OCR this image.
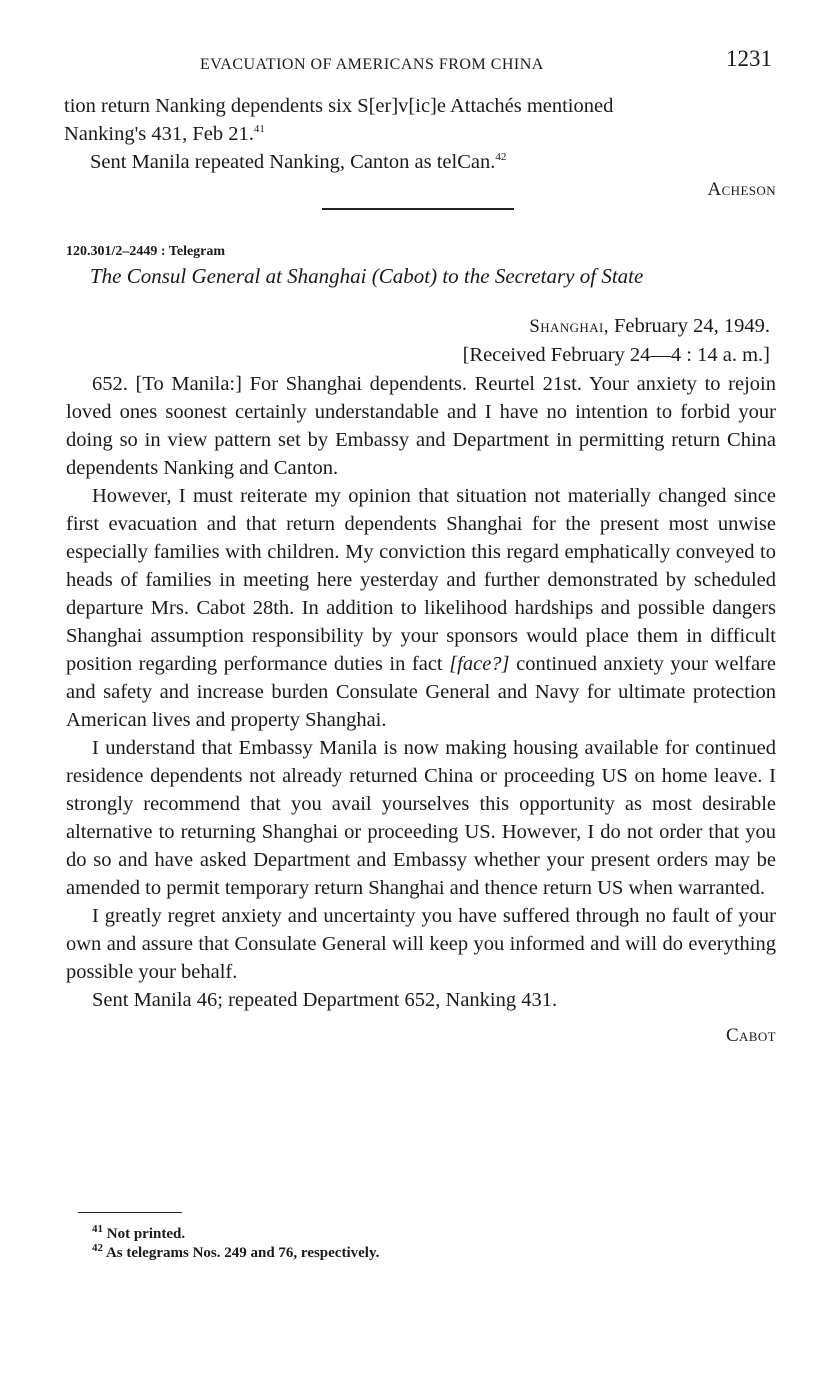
EVACUATION OF AMERICANS FROM CHINA	1231
tion return Nanking dependents six S[er]v[ic]e Attachés mentioned
Nanking's 431, Feb 21.41
Sent Manila repeated Nanking, Canton as telCan.$^{42}$
Acheson
120.301/2–2449 : Telegram
The Consul General at Shanghai (Cabot) to the Secretary of State
Shanghai, February 24, 1949.
[Received February 24—4 : 14 a. m.]

652. [To Manila:] For Shanghai dependents. Reurtel 21st. Your anxiety to rejoin loved ones soonest certainly understandable and I have no intention to forbid your doing so in view pattern set by Embassy and Department in permitting return China dependents Nanking and Canton.

However, I must reiterate my opinion that situation not materially changed since first evacuation and that return dependents Shanghai for the present most unwise especially families with children. My conviction this regard emphatically conveyed to heads of families in meeting here yesterday and further demonstrated by scheduled departure Mrs. Cabot 28th. In addition to likelihood hardships and possible dangers Shanghai assumption responsibility by your sponsors would place them in difficult position regarding performance duties in fact [face?] continued anxiety your welfare and safety and increase burden Consulate General and Navy for ultimate protection American lives and property Shanghai.

I understand that Embassy Manila is now making housing available for continued residence dependents not already returned China or proceeding US on home leave. I strongly recommend that you avail yourselves this opportunity as most desirable alternative to returning Shanghai or proceeding US. However, I do not order that you do so and have asked Department and Embassy whether your present orders may be amended to permit temporary return Shanghai and thence return US when warranted.

I greatly regret anxiety and uncertainty you have suffered through no fault of your own and assure that Consulate General will keep you informed and will do everything possible your behalf.

Sent Manila 46; repeated Department 652, Nanking 431.

Cabot
$^{41}$ Not printed.
$^{42}$ As telegrams Nos. 249 and 76, respectively.
